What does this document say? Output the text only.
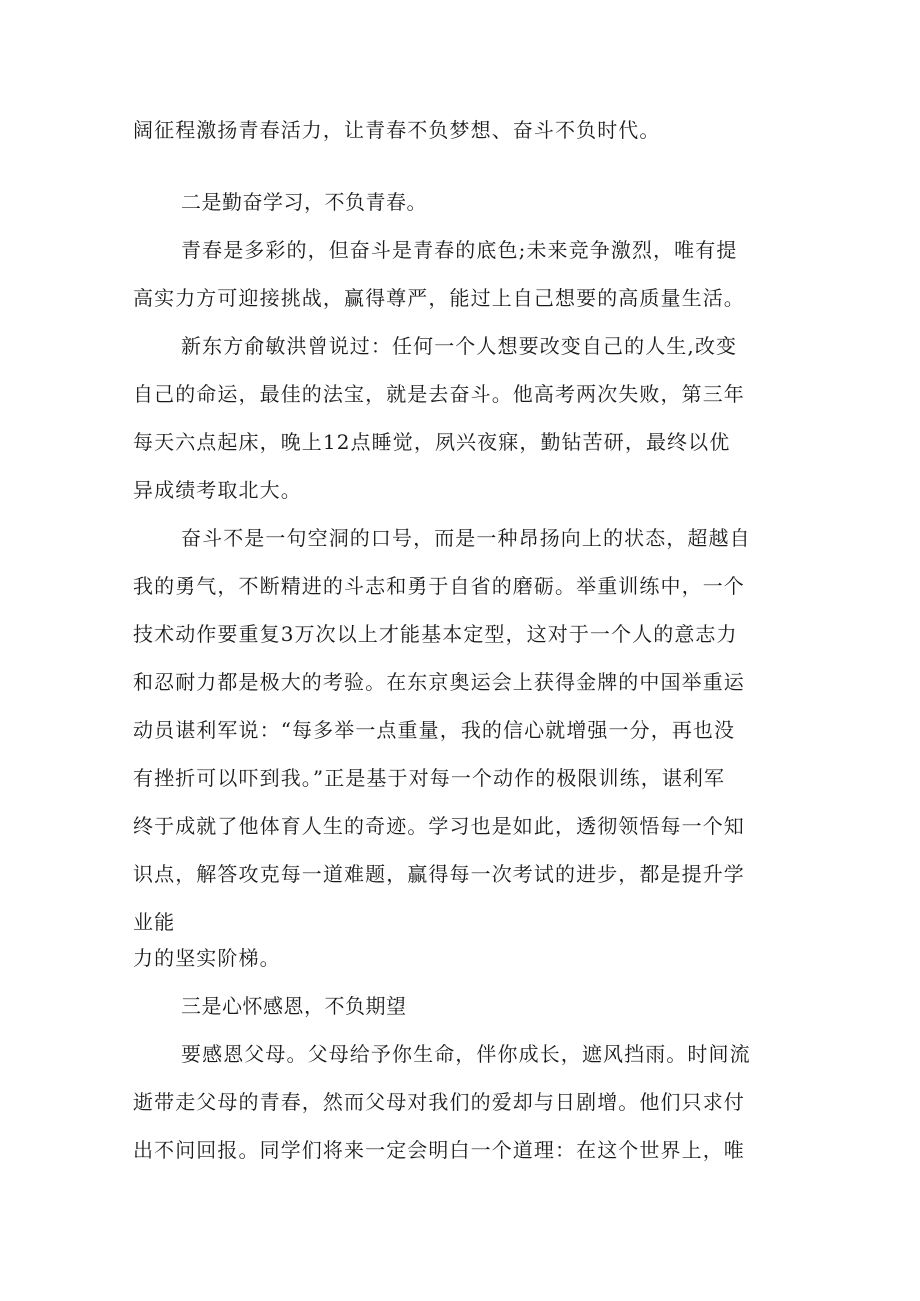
阔征程激扬青春活力，让青春不负梦想、奋斗不负时代。
二是勤奋学习，不负青春。
青春是多彩的，但奋斗是青春的底色;未来竞争激烈，唯有提
高实力方可迎接挑战，赢得尊严，能过上自己想要的高质量生活。
新东方俞敏洪曾说过：任何一个人想要改变自己的人生,改变
自己的命运，最佳的法宝，就是去奋斗。他高考两次失败，第三年
每天六点起床，晚上12点睡觉，夙兴夜寐，勤钻苦研，最终以优
异成绩考取北大。
奋斗不是一句空洞的口号，而是一种昂扬向上的状态，超越自
我的勇气，不断精进的斗志和勇于自省的磨砺。举重训练中，一个
技术动作要重复3万次以上才能基本定型，这对于一个人的意志力
和忍耐力都是极大的考验。在东京奥运会上获得金牌的中国举重运
动员谌利军说：“每多举一点重量，我的信心就增强一分，再也没
有挫折可以吓到我。”正是基于对每一个动作的极限训练，谌利军
终于成就了他体育人生的奇迹。学习也是如此，透彻领悟每一个知
识点，解答攻克每一道难题，赢得每一次考试的进步，都是提升学
业能
力的坚实阶梯。
三是心怀感恩，不负期望
要感恩父母。父母给予你生命，伴你成长，遮风挡雨。时间流
逝带走父母的青春，然而父母对我们的爱却与日剧增。他们只求付
出不问回报。同学们将来一定会明白一个道理：在这个世界上，唯
